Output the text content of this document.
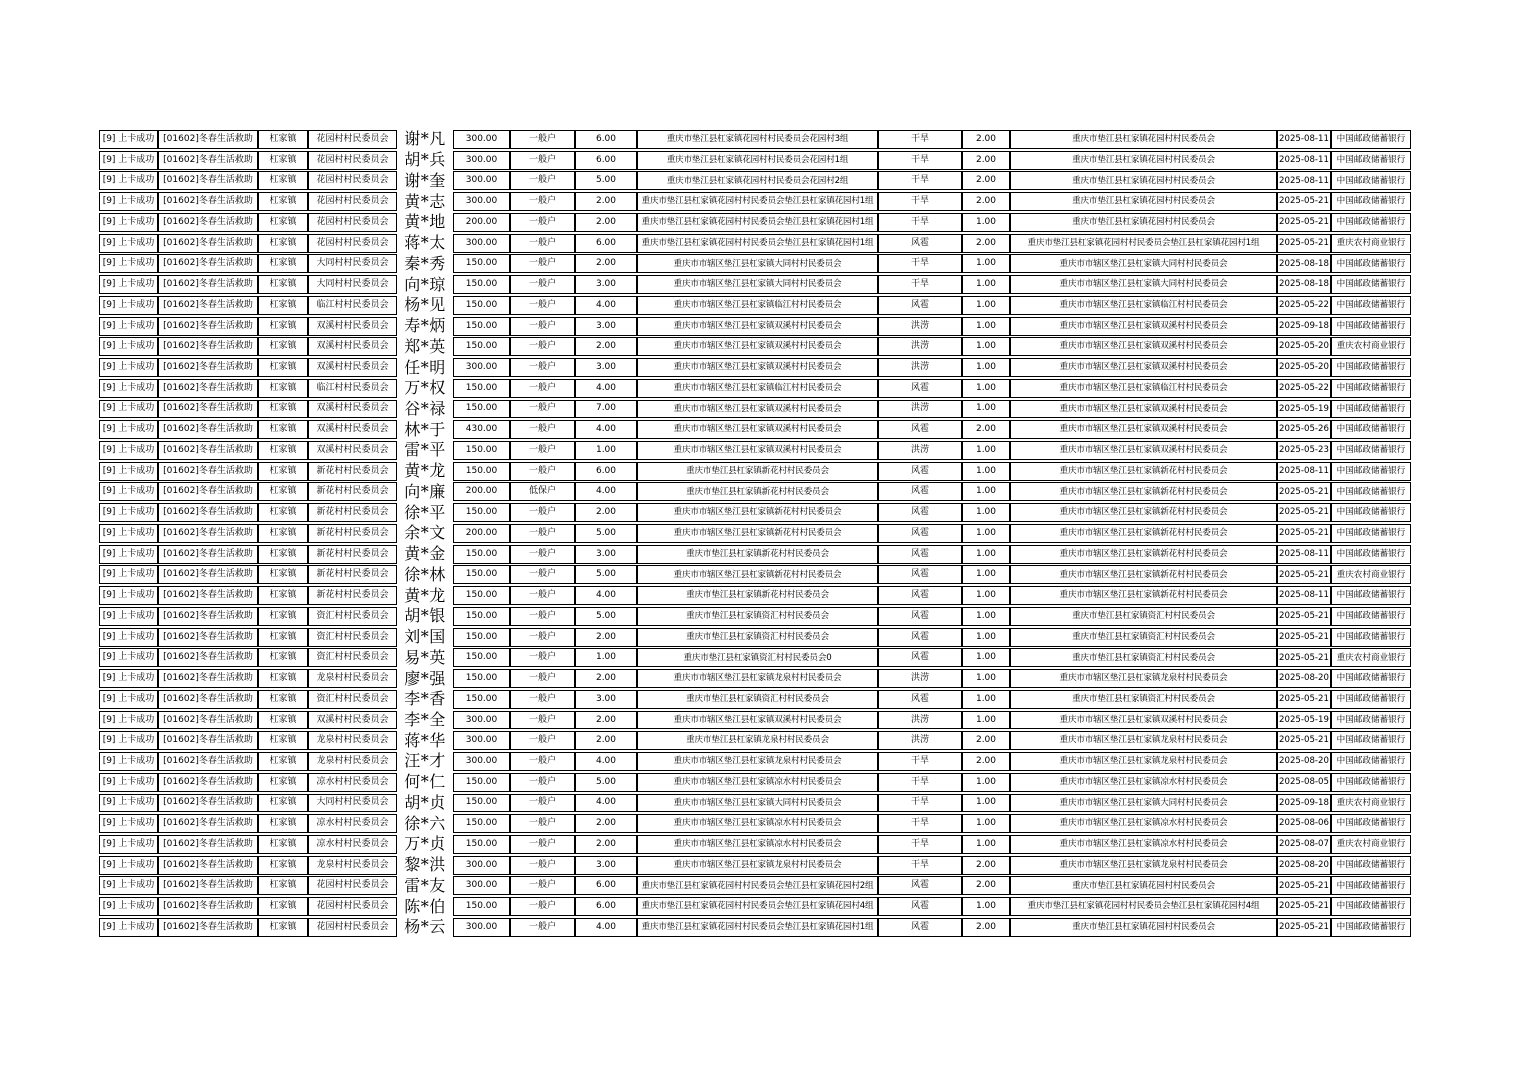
[9] 上卡成功 [01602]冬春生活救助	杠家镇	花园村村民委员会 谢*凡	300.00	一般户	6.00	重庆市垫江县杠家镇花园村村民委员会花园村3组	干旱	2.00	重庆市垫江县杠家镇花园村村民委员会	2025-08-11 中国邮政储蓄银行
[9] 上卡成功 [01602]冬春生活救助	杠家镇	花园村村民委员会 胡*兵	300.00	一般户	6.00	重庆市垫江县杠家镇花园村村民委员会花园村1组	干旱	2.00	重庆市垫江县杠家镇花园村村民委员会	2025-08-11 中国邮政储蓄银行
[9] 上卡成功 [01602]冬春生活救助	杠家镇	花园村村民委员会 谢*奎	300.00	一般户	5.00	重庆市垫江县杠家镇花园村村民委员会花园村2组	干旱	2.00	重庆市垫江县杠家镇花园村村民委员会	2025-08-11 中国邮政储蓄银行
[9] 上卡成功 [01602]冬春生活救助	杠家镇	花园村村民委员会 黄*志	300.00	一般户	2.00	重庆市垫江县杠家镇花园村村民委员会垫江县杠家镇花园村1组	干旱	2.00	重庆市垫江县杠家镇花园村村民委员会	2025-05-21 中国邮政储蓄银行
[9] 上卡成功 [01602]冬春生活救助	杠家镇	花园村村民委员会 黄*地	200.00	一般户	2.00	重庆市垫江县杠家镇花园村村民委员会垫江县杠家镇花园村1组	干旱	1.00	重庆市垫江县杠家镇花园村村民委员会	2025-05-21 中国邮政储蓄银行
[9] 上卡成功 [01602]冬春生活救助	杠家镇	花园村村民委员会 蒋*太	300.00	一般户	6.00	重庆市垫江县杠家镇花园村村民委员会垫江县杠家镇花园村1组	风雹	2.00	重庆市垫江县杠家镇花园村村民委员会垫江县杠家镇花园村1组	2025-05-21 重庆农村商业银行
[9] 上卡成功 [01602]冬春生活救助	杠家镇	大同村村民委员会 秦*秀	150.00	一般户	2.00	重庆市市辖区垫江县杠家镇大同村村民委员会	干旱	1.00	重庆市市辖区垫江县杠家镇大同村村民委员会	2025-08-18 中国邮政储蓄银行
[9] 上卡成功 [01602]冬春生活救助	杠家镇	大同村村民委员会 向*琼	150.00	一般户	3.00	重庆市市辖区垫江县杠家镇大同村村民委员会	干旱	1.00	重庆市市辖区垫江县杠家镇大同村村民委员会	2025-08-18 中国邮政储蓄银行
[9] 上卡成功 [01602]冬春生活救助	杠家镇	临江村村民委员会 杨*见	150.00	一般户	4.00	重庆市市辖区垫江县杠家镇临江村村民委员会	风雹	1.00	重庆市市辖区垫江县杠家镇临江村村民委员会	2025-05-22 中国邮政储蓄银行
[9] 上卡成功 [01602]冬春生活救助	杠家镇	双溪村村民委员会 寿*炳	150.00	一般户	3.00	重庆市市辖区垫江县杠家镇双溪村村民委员会	洪涝	1.00	重庆市市辖区垫江县杠家镇双溪村村民委员会	2025-09-18 中国邮政储蓄银行
[9] 上卡成功 [01602]冬春生活救助	杠家镇	双溪村村民委员会 郑*英	150.00	一般户	2.00	重庆市市辖区垫江县杠家镇双溪村村民委员会	洪涝	1.00	重庆市市辖区垫江县杠家镇双溪村村民委员会	2025-05-20 重庆农村商业银行
[9] 上卡成功 [01602]冬春生活救助	杠家镇	双溪村村民委员会 任*明	300.00	一般户	3.00	重庆市市辖区垫江县杠家镇双溪村村民委员会	洪涝	1.00	重庆市市辖区垫江县杠家镇双溪村村民委员会	2025-05-20 中国邮政储蓄银行
[9] 上卡成功 [01602]冬春生活救助	杠家镇	临江村村民委员会 万*权	150.00	一般户	4.00	重庆市市辖区垫江县杠家镇临江村村民委员会	风雹	1.00	重庆市市辖区垫江县杠家镇临江村村民委员会	2025-05-22 中国邮政储蓄银行
[9] 上卡成功 [01602]冬春生活救助	杠家镇	双溪村村民委员会 谷*禄	150.00	一般户	7.00	重庆市市辖区垫江县杠家镇双溪村村民委员会	洪涝	1.00	重庆市市辖区垫江县杠家镇双溪村村民委员会	2025-05-19 中国邮政储蓄银行
[9] 上卡成功 [01602]冬春生活救助	杠家镇	双溪村村民委员会 林*于	430.00	一般户	4.00	重庆市市辖区垫江县杠家镇双溪村村民委员会	风雹	2.00	重庆市市辖区垫江县杠家镇双溪村村民委员会	2025-05-26 中国邮政储蓄银行
[9] 上卡成功 [01602]冬春生活救助	杠家镇	双溪村村民委员会 雷*平	150.00	一般户	1.00	重庆市市辖区垫江县杠家镇双溪村村民委员会	洪涝	1.00	重庆市市辖区垫江县杠家镇双溪村村民委员会	2025-05-23 中国邮政储蓄银行
[9] 上卡成功 [01602]冬春生活救助	杠家镇	新花村村民委员会 黄*龙	150.00	一般户	6.00	重庆市垫江县杠家镇新花村村民委员会	风雹	1.00	重庆市市辖区垫江县杠家镇新花村村民委员会	2025-08-11 中国邮政储蓄银行
[9] 上卡成功 [01602]冬春生活救助	杠家镇	新花村村民委员会 向*廉	200.00	低保户	4.00	重庆市垫江县杠家镇新花村村民委员会	风雹	1.00	重庆市市辖区垫江县杠家镇新花村村民委员会	2025-05-21 中国邮政储蓄银行
[9] 上卡成功 [01602]冬春生活救助	杠家镇	新花村村民委员会 徐*平	150.00	一般户	2.00	重庆市市辖区垫江县杠家镇新花村村民委员会	风雹	1.00	重庆市市辖区垫江县杠家镇新花村村民委员会	2025-05-21 中国邮政储蓄银行
[9] 上卡成功 [01602]冬春生活救助	杠家镇	新花村村民委员会 余*文	200.00	一般户	5.00	重庆市市辖区垫江县杠家镇新花村村民委员会	风雹	1.00	重庆市市辖区垫江县杠家镇新花村村民委员会	2025-05-21 中国邮政储蓄银行
[9] 上卡成功 [01602]冬春生活救助	杠家镇	新花村村民委员会 黄*金	150.00	一般户	3.00	重庆市垫江县杠家镇新花村村民委员会	风雹	1.00	重庆市市辖区垫江县杠家镇新花村村民委员会	2025-08-11 中国邮政储蓄银行
[9] 上卡成功 [01602]冬春生活救助	杠家镇	新花村村民委员会 徐*林	150.00	一般户	5.00	重庆市市辖区垫江县杠家镇新花村村民委员会	风雹	1.00	重庆市市辖区垫江县杠家镇新花村村民委员会	2025-05-21 重庆农村商业银行
[9] 上卡成功 [01602]冬春生活救助	杠家镇	新花村村民委员会 黄*龙	150.00	一般户	4.00	重庆市垫江县杠家镇新花村村民委员会	风雹	1.00	重庆市市辖区垫江县杠家镇新花村村民委员会	2025-08-11 中国邮政储蓄银行
[9] 上卡成功 [01602]冬春生活救助	杠家镇	资汇村村民委员会 胡*银	150.00	一般户	5.00	重庆市垫江县杠家镇资汇村村民委员会	风雹	1.00	重庆市垫江县杠家镇资汇村村民委员会	2025-05-21 中国邮政储蓄银行
[9] 上卡成功 [01602]冬春生活救助	杠家镇	资汇村村民委员会 刘*国	150.00	一般户	2.00	重庆市垫江县杠家镇资汇村村民委员会	风雹	1.00	重庆市垫江县杠家镇资汇村村民委员会	2025-05-21 中国邮政储蓄银行
[9] 上卡成功 [01602]冬春生活救助	杠家镇	资汇村村民委员会 易*英	150.00	一般户	1.00	重庆市垫江县杠家镇资汇村村民委员会0	风雹	1.00	重庆市垫江县杠家镇资汇村村民委员会	2025-05-21 重庆农村商业银行
[9] 上卡成功 [01602]冬春生活救助	杠家镇	龙泉村村民委员会 廖*强	150.00	一般户	2.00	重庆市市辖区垫江县杠家镇龙泉村村民委员会	洪涝	1.00	重庆市市辖区垫江县杠家镇龙泉村村民委员会	2025-08-20 中国邮政储蓄银行
[9] 上卡成功 [01602]冬春生活救助	杠家镇	资汇村村民委员会 李*香	150.00	一般户	3.00	重庆市垫江县杠家镇资汇村村民委员会	风雹	1.00	重庆市垫江县杠家镇资汇村村民委员会	2025-05-21 中国邮政储蓄银行
[9] 上卡成功 [01602]冬春生活救助	杠家镇	双溪村村民委员会 李*全	300.00	一般户	2.00	重庆市市辖区垫江县杠家镇双溪村村民委员会	洪涝	1.00	重庆市市辖区垫江县杠家镇双溪村村民委员会	2025-05-19 中国邮政储蓄银行
[9] 上卡成功 [01602]冬春生活救助	杠家镇	龙泉村村民委员会 蒋*华	300.00	一般户	2.00	重庆市垫江县杠家镇龙泉村村民委员会	洪涝	2.00	重庆市市辖区垫江县杠家镇龙泉村村民委员会	2025-05-21 中国邮政储蓄银行
[9] 上卡成功 [01602]冬春生活救助	杠家镇	龙泉村村民委员会 汪*才	300.00	一般户	4.00	重庆市市辖区垫江县杠家镇龙泉村村民委员会	干旱	2.00	重庆市市辖区垫江县杠家镇龙泉村村民委员会	2025-08-20 中国邮政储蓄银行
[9] 上卡成功 [01602]冬春生活救助	杠家镇	凉水村村民委员会 何*仁	150.00	一般户	5.00	重庆市市辖区垫江县杠家镇凉水村村民委员会	干旱	1.00	重庆市市辖区垫江县杠家镇凉水村村民委员会	2025-08-05 中国邮政储蓄银行
[9] 上卡成功 [01602]冬春生活救助	杠家镇	大同村村民委员会 胡*贞	150.00	一般户	4.00	重庆市市辖区垫江县杠家镇大同村村民委员会	干旱	1.00	重庆市市辖区垫江县杠家镇大同村村民委员会	2025-09-18 重庆农村商业银行
[9] 上卡成功 [01602]冬春生活救助	杠家镇	凉水村村民委员会 徐*六	150.00	一般户	2.00	重庆市市辖区垫江县杠家镇凉水村村民委员会	干旱	1.00	重庆市市辖区垫江县杠家镇凉水村村民委员会	2025-08-06 中国邮政储蓄银行
[9] 上卡成功 [01602]冬春生活救助	杠家镇	凉水村村民委员会 万*贞	150.00	一般户	2.00	重庆市市辖区垫江县杠家镇凉水村村民委员会	干旱	1.00	重庆市市辖区垫江县杠家镇凉水村村民委员会	2025-08-07 重庆农村商业银行
[9] 上卡成功 [01602]冬春生活救助	杠家镇	龙泉村村民委员会 黎*洪	300.00	一般户	3.00	重庆市市辖区垫江县杠家镇龙泉村村民委员会	干旱	2.00	重庆市市辖区垫江县杠家镇龙泉村村民委员会	2025-08-20 中国邮政储蓄银行
[9] 上卡成功 [01602]冬春生活救助	杠家镇	花园村村民委员会 雷*友	300.00	一般户	6.00	重庆市垫江县杠家镇花园村村民委员会垫江县杠家镇花园村2组	风雹	2.00	重庆市垫江县杠家镇花园村村民委员会	2025-05-21 中国邮政储蓄银行
[9] 上卡成功 [01602]冬春生活救助	杠家镇	花园村村民委员会 陈*伯	150.00	一般户	6.00	重庆市垫江县杠家镇花园村村民委员会垫江县杠家镇花园村4组	风雹	1.00	重庆市垫江县杠家镇花园村村民委员会垫江县杠家镇花园村4组	2025-05-21 中国邮政储蓄银行
[9] 上卡成功 [01602]冬春生活救助	杠家镇	花园村村民委员会 杨*云	300.00	一般户	4.00	重庆市垫江县杠家镇花园村村民委员会垫江县杠家镇花园村1组	风雹	2.00	重庆市垫江县杠家镇花园村村民委员会	2025-05-21 中国邮政储蓄银行
